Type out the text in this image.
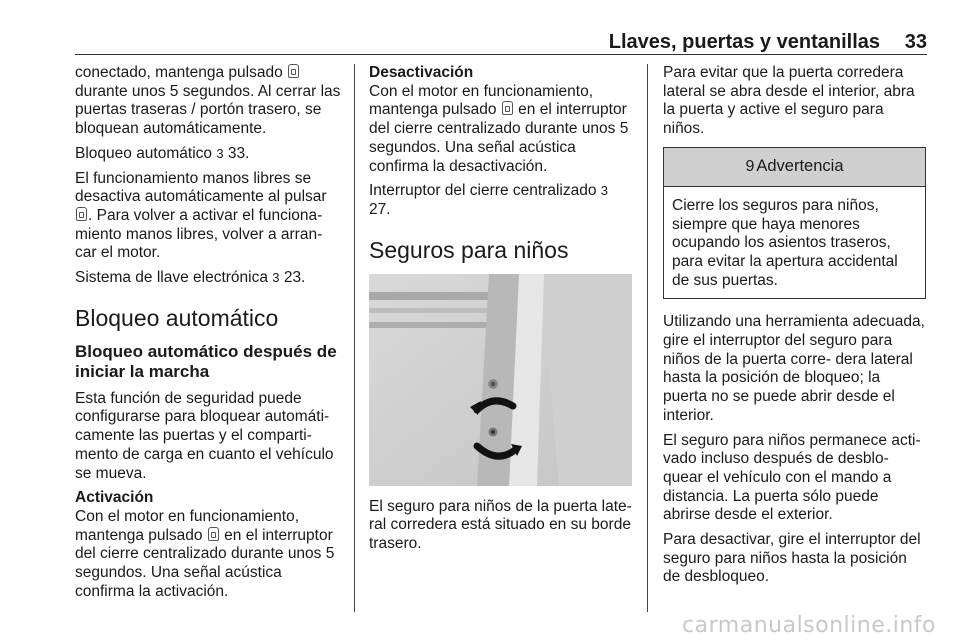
Llaves, puertas y ventanillas 33

conectado, mantenga pulsado  durante unos 5 segundos. Al cerrar las puertas traseras / portón trasero, se bloquean automáticamente.

Bloqueo automático 3 33.

El funcionamiento manos libres se desactiva automáticamente al pulsar . Para volver a activar el funciona‐ miento manos libres, volver a arran‐ car el motor.

Sistema de llave electrónica 3 23.

Bloqueo automático
Bloqueo automático después de iniciar la marcha

Esta función de seguridad puede configurarse para bloquear automáti‐ camente las puertas y el comparti‐ mento de carga en cuanto el vehículo se mueva.

Activación

Con el motor en funcionamiento, mantenga pulsado  en el interruptor del cierre centralizado durante unos 5 segundos. Una señal acústica confirma la activación.

Desactivación

Con el motor en funcionamiento, mantenga pulsado  en el interruptor del cierre centralizado durante unos 5 segundos. Una señal acústica confirma la desactivación.

Interruptor del cierre centralizado 3 27.

Seguros para niños

El seguro para niños de la puerta late‐ ral corredera está situado en su borde trasero.

Para evitar que la puerta corredera lateral se abra desde el interior, abra la puerta y active el seguro para niños.

9 Advertencia

Cierre los seguros para niños, siempre que haya menores ocupando los asientos traseros, para evitar la apertura accidental de sus puertas.

Utilizando una herramienta adecuada, gire el interruptor del seguro para niños de la puerta corre‐ dera lateral hasta la posición de bloqueo; la puerta no se puede abrir desde el interior.

El seguro para niños permanece acti‐ vado incluso después de desblo‐ quear el vehículo con el mando a distancia. La puerta sólo puede abrirse desde el exterior.

Para desactivar, gire el interruptor del seguro para niños hasta la posición de desbloqueo.

carmanualsonline.info
